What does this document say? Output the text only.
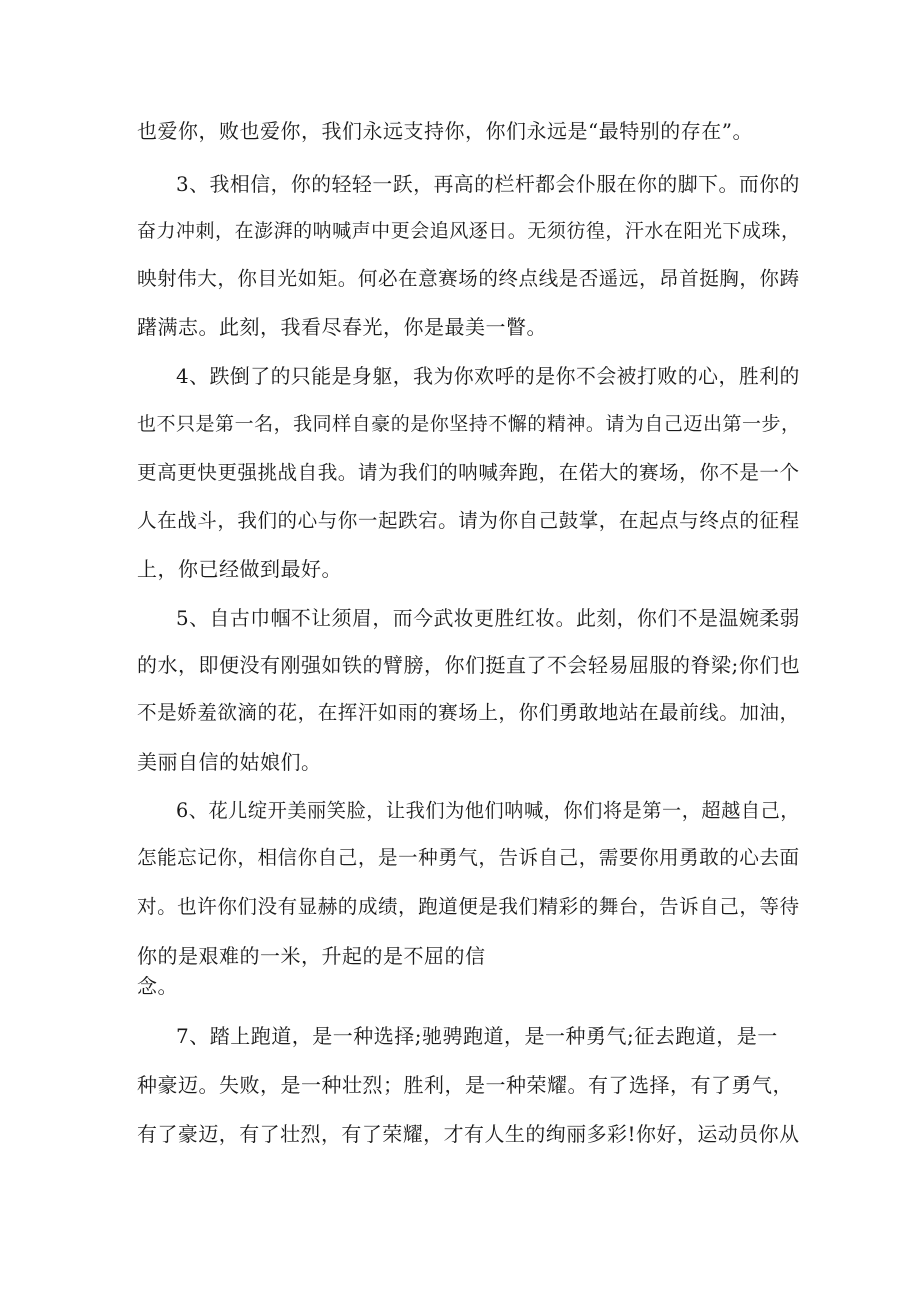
也爱你，败也爱你，我们永远支持你，你们永远是“最特别的存在”。

3、我相信，你的轻轻一跃，再高的栏杆都会仆服在你的脚下。而你的

奋力冲刺，在澎湃的呐喊声中更会追风逐日。无须彷徨，汗水在阳光下成珠，

映射伟大，你目光如矩。何必在意赛场的终点线是否遥远，昂首挺胸，你踌

躇满志。此刻，我看尽春光，你是最美一瞥。

4、跌倒了的只能是身躯，我为你欢呼的是你不会被打败的心，胜利的

也不只是第一名，我同样自豪的是你坚持不懈的精神。请为自己迈出第一步，

更高更快更强挑战自我。请为我们的呐喊奔跑，在偌大的赛场，你不是一个

人在战斗，我们的心与你一起跌宕。请为你自己鼓掌，在起点与终点的征程

上，你已经做到最好。

5、自古巾帼不让须眉，而今武妆更胜红妆。此刻，你们不是温婉柔弱

的水，即便没有刚强如铁的臂膀，你们挺直了不会轻易屈服的脊梁;你们也

不是娇羞欲滴的花，在挥汗如雨的赛场上，你们勇敢地站在最前线。加油，

美丽自信的姑娘们。

6、花儿绽开美丽笑脸，让我们为他们呐喊，你们将是第一，超越自己，

怎能忘记你，相信你自己，是一种勇气，告诉自己，需要你用勇敢的心去面

对。也许你们没有显赫的成绩，跑道便是我们精彩的舞台，告诉自己，等待

你的是艰难的一米，升起的是不屈的信

念。

7、踏上跑道，是一种选择;驰骋跑道，是一种勇气;征去跑道，是一

种豪迈。失败，是一种壮烈；胜利，是一种荣耀。有了选择，有了勇气，

有了豪迈，有了壮烈，有了荣耀，才有人生的绚丽多彩!你好，运动员你从
